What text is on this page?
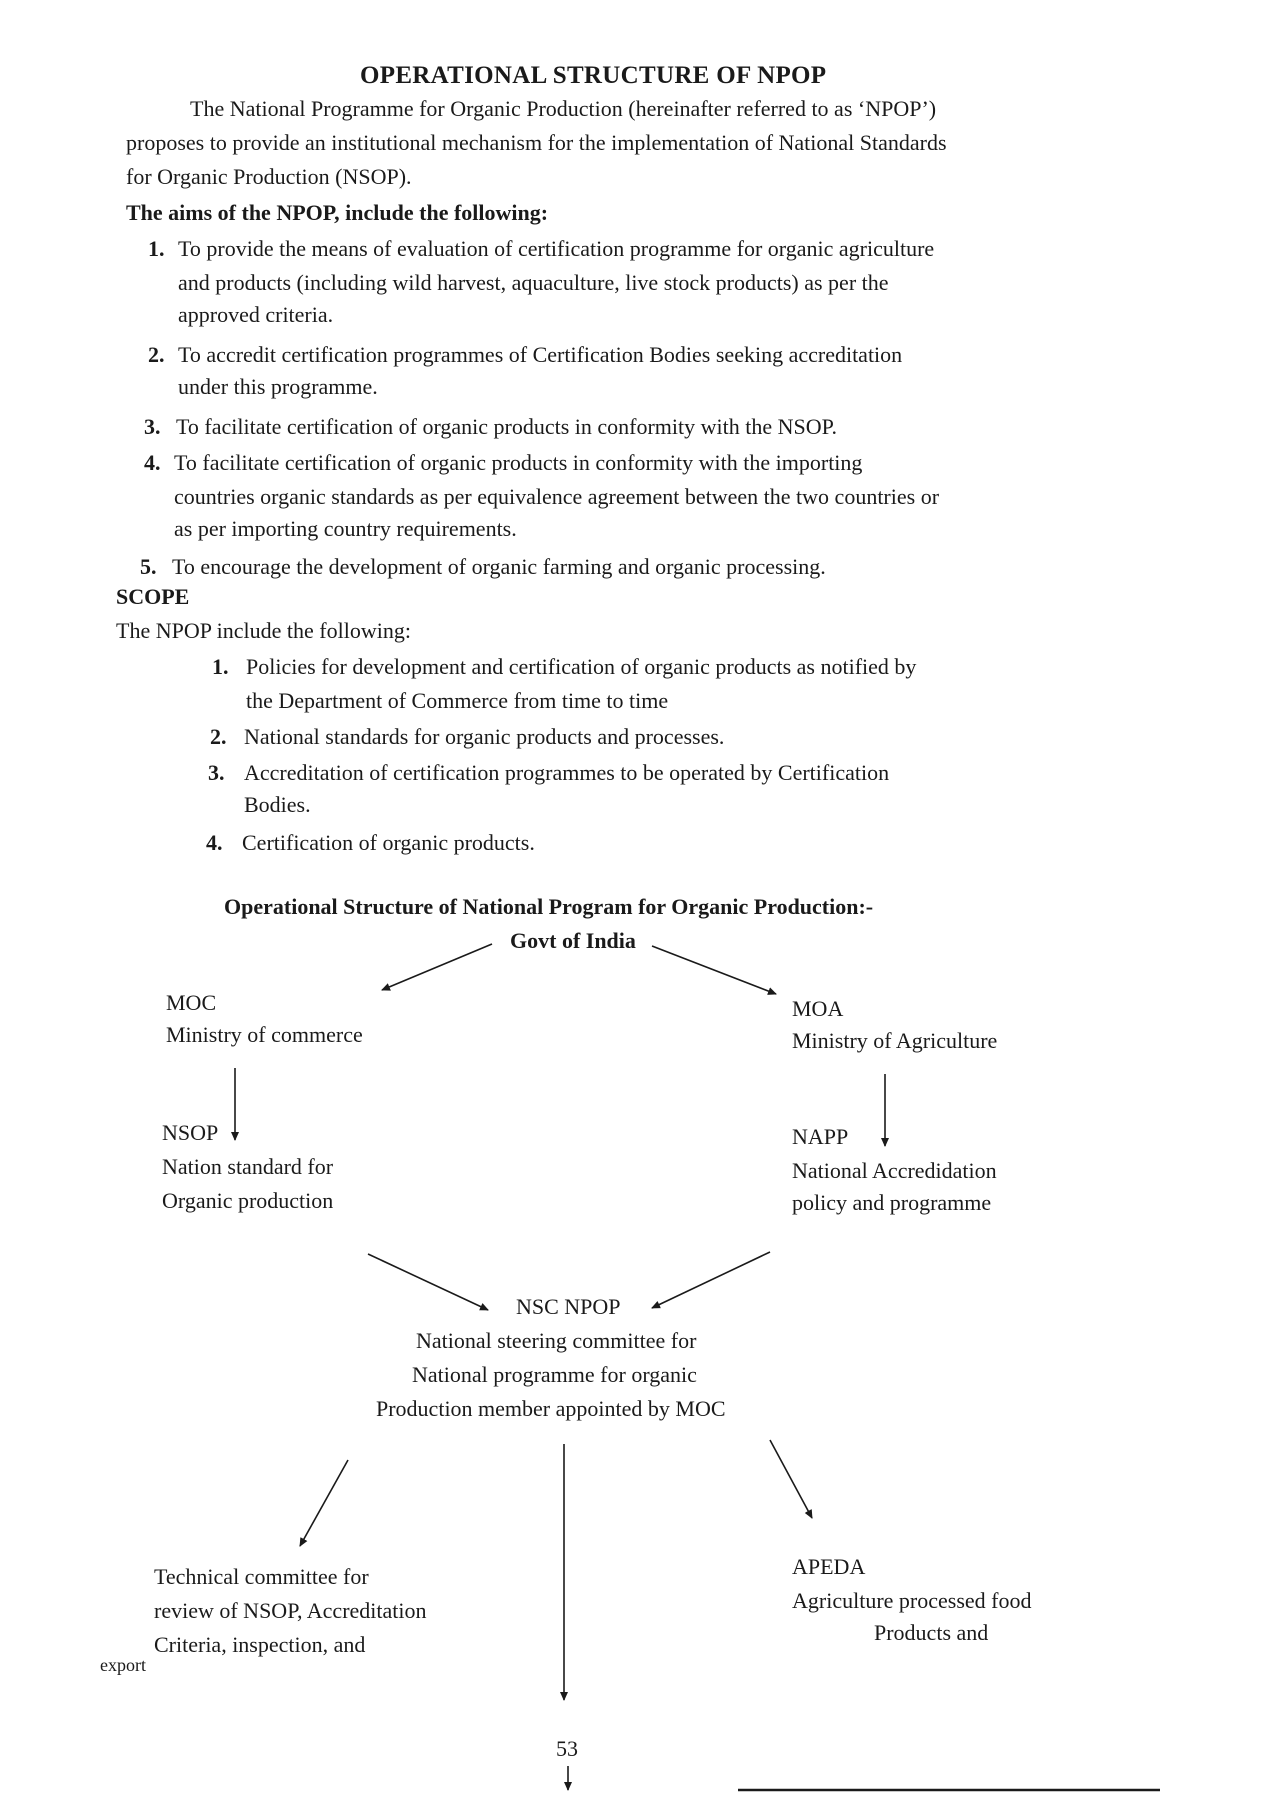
OPERATIONAL STRUCTURE OF NPOP
The National Programme for Organic Production (hereinafter referred to as ‘NPOP’)
proposes to provide an institutional mechanism for the implementation of National Standards
for Organic Production (NSOP).
The aims of the NPOP, include the following:
1. To provide the means of evaluation of certification programme for organic agriculture
and products (including wild harvest, aquaculture, live stock products) as per the
approved criteria.
2. To accredit certification programmes of Certification Bodies seeking accreditation
under this programme.
3. To facilitate certification of organic products in conformity with the NSOP.
4. To facilitate certification of organic products in conformity with the importing
countries organic standards as per equivalence agreement between the two countries or
as per importing country requirements.
5. To encourage the development of organic farming and organic processing.
SCOPE
The NPOP include the following:
1. Policies for development and certification of organic products as notified by
the Department of Commerce from time to time
2. National standards for organic products and processes.
3. Accreditation of certification programmes to be operated by Certification
Bodies.
4. Certification of organic products.
Operational Structure of National Program for Organic Production:-
Govt of India
MOC
Ministry of commerce
MOA
Ministry of Agriculture
NSOP
Nation standard for
Organic production
NAPP
National Accredidation
policy and programme
NSC NPOP
National steering committee for
National programme for organic
Production member appointed by MOC
Technical committee for
review of NSOP, Accreditation
Criteria, inspection, and
export
APEDA
Agriculture processed food
Products and
53
